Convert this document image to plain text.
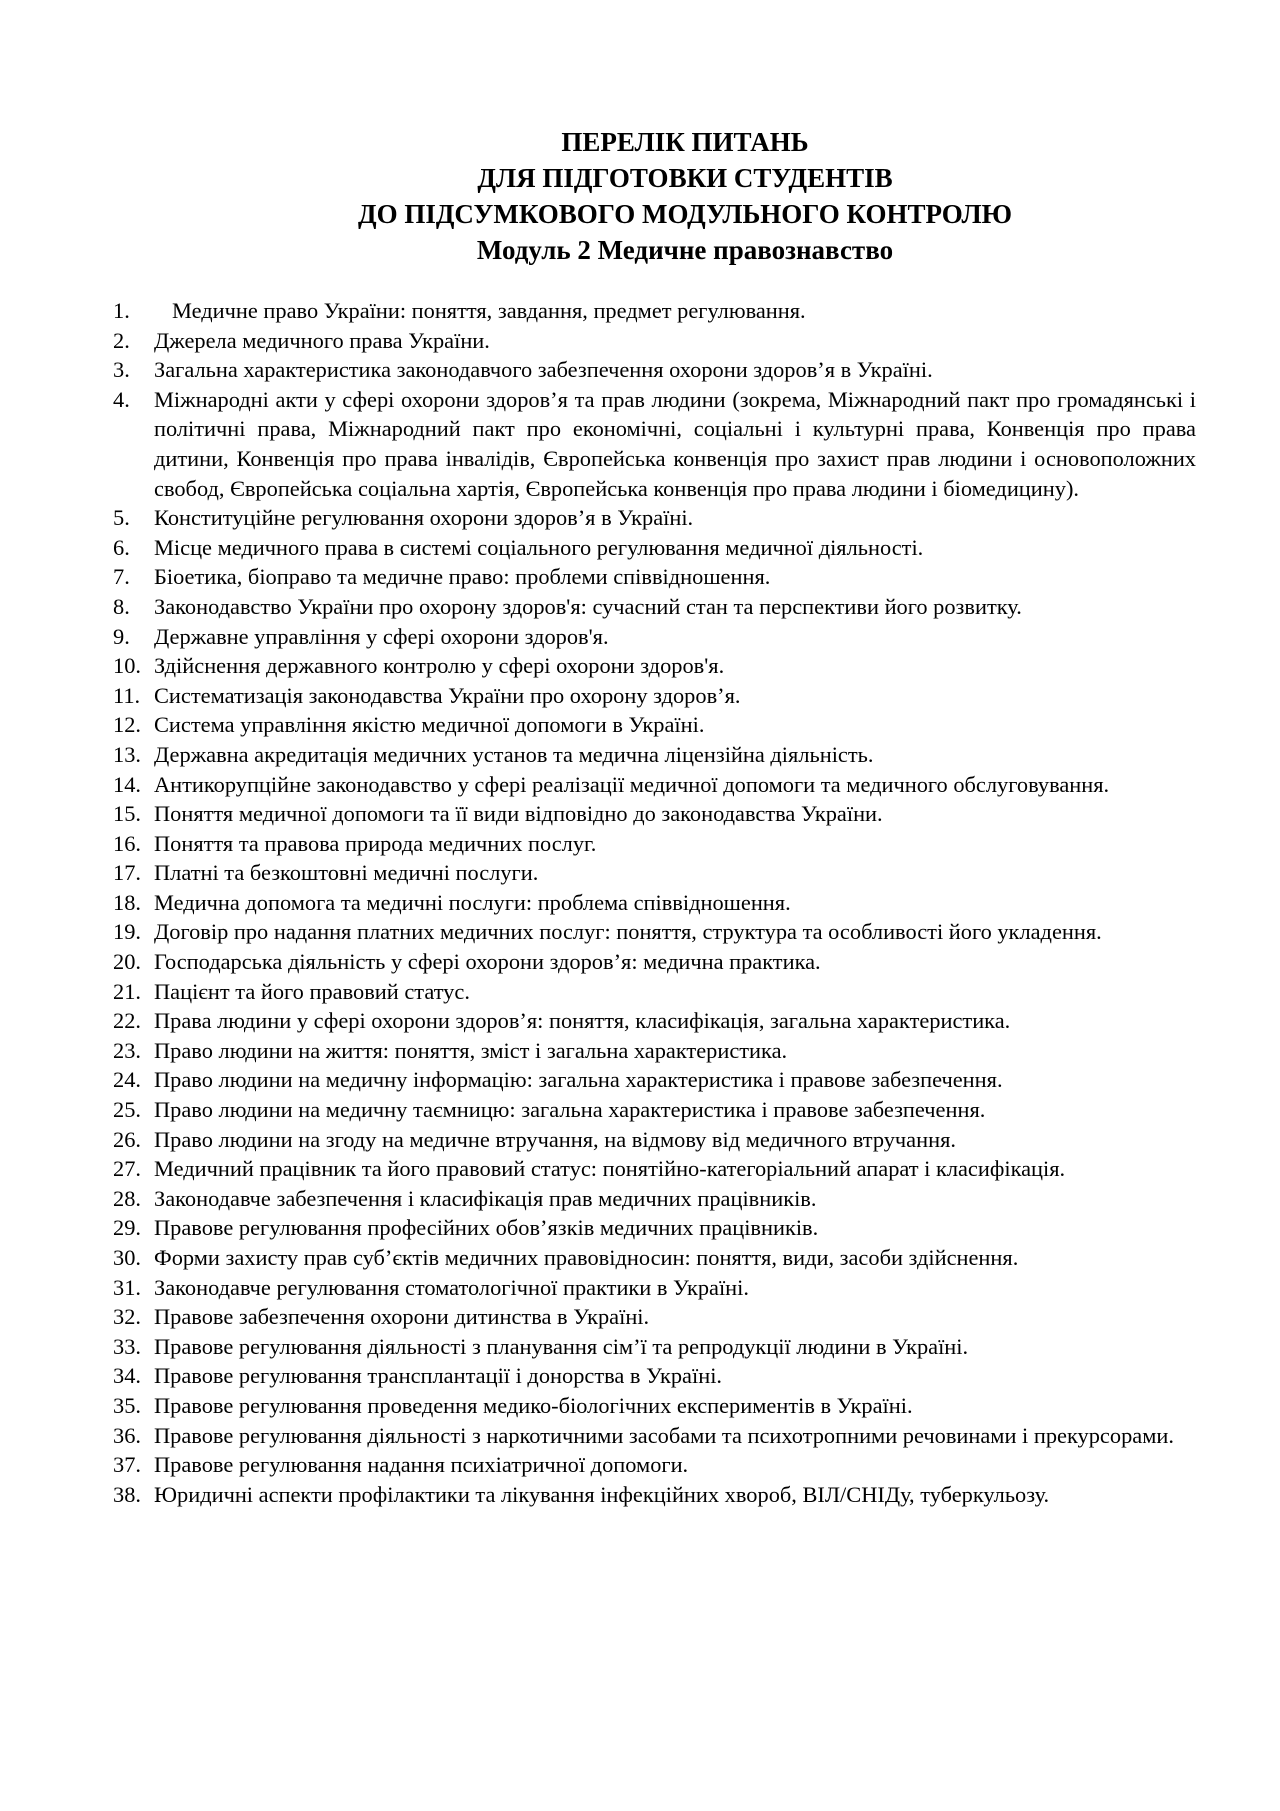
ПЕРЕЛІК ПИТАНЬ
ДЛЯ ПІДГОТОВКИ СТУДЕНТІВ
ДО ПІДСУМКОВОГО МОДУЛЬНОГО КОНТРОЛЮ
Модуль 2 Медичне правознавство
1.	Медичне право України: поняття, завдання, предмет регулювання.
2. Джерела медичного права України.
3. Загальна характеристика законодавчого забезпечення охорони здоров’я в Україні.
4. Міжнародні акти у сфері охорони здоров’я та прав людини (зокрема, Міжнародний пакт про громадянські і політичні права, Міжнародний пакт про економічні, соціальні і культурні права, Конвенція про права дитини, Конвенція про права інвалідів, Європейська конвенція про захист прав людини і основоположних свобод, Європейська соціальна хартія, Європейська конвенція про права людини і біомедицину).
5. Конституційне регулювання охорони здоров’я в Україні.
6. Місце медичного права в системі соціального регулювання медичної діяльності.
7. Біоетика, біоправо та медичне право: проблеми співвідношення.
8. Законодавство України про охорону здоров'я: сучасний стан та перспективи його розвитку.
9. Державне управління у сфері охорони здоров'я.
10. Здійснення державного контролю у сфері охорони здоров'я.
11. Систематизація законодавства України про охорону здоров’я.
12. Система управління якістю медичної допомоги в Україні.
13. Державна акредитація медичних установ та медична ліцензійна діяльність.
14. Антикорупційне законодавство у сфері реалізації медичної допомоги та медичного обслуговування.
15. Поняття медичної допомоги та її види відповідно до законодавства України.
16. Поняття та правова природа медичних послуг.
17. Платні та безкоштовні медичні послуги.
18. Медична допомога та медичні послуги: проблема співвідношення.
19. Договір про надання платних медичних послуг: поняття, структура та особливості його укладення.
20. Господарська діяльність у сфері охорони здоров’я: медична практика.
21. Пацієнт та його правовий статус.
22. Права людини у сфері охорони здоров’я: поняття, класифікація, загальна характеристика.
23. Право людини на життя: поняття, зміст і загальна характеристика.
24. Право людини на медичну інформацію: загальна характеристика і правове забезпечення.
25. Право людини на медичну таємницю: загальна характеристика і правове забезпечення.
26. Право людини на згоду на медичне втручання, на відмову від медичного втручання.
27. Медичний працівник та його правовий статус: понятійно-категоріальний апарат і класифікація.
28. Законодавче забезпечення і класифікація прав медичних працівників.
29. Правове регулювання професійних обов’язків медичних працівників.
30. Форми захисту прав суб’єктів медичних правовідносин: поняття, види, засоби здійснення.
31. Законодавче регулювання стоматологічної практики в Україні.
32. Правове забезпечення охорони дитинства в Україні.
33. Правове регулювання діяльності з планування сім’ї та репродукції людини в Україні.
34. Правове регулювання трансплантації і донорства в Україні.
35. Правове регулювання проведення медико-біологічних експериментів в Україні.
36. Правове регулювання діяльності з наркотичними засобами та психотропними речовинами і прекурсорами.
37. Правове регулювання надання психіатричної допомоги.
38. Юридичні аспекти профілактики та лікування інфекційних хвороб, ВІЛ/СНІДу, туберкульозу.
